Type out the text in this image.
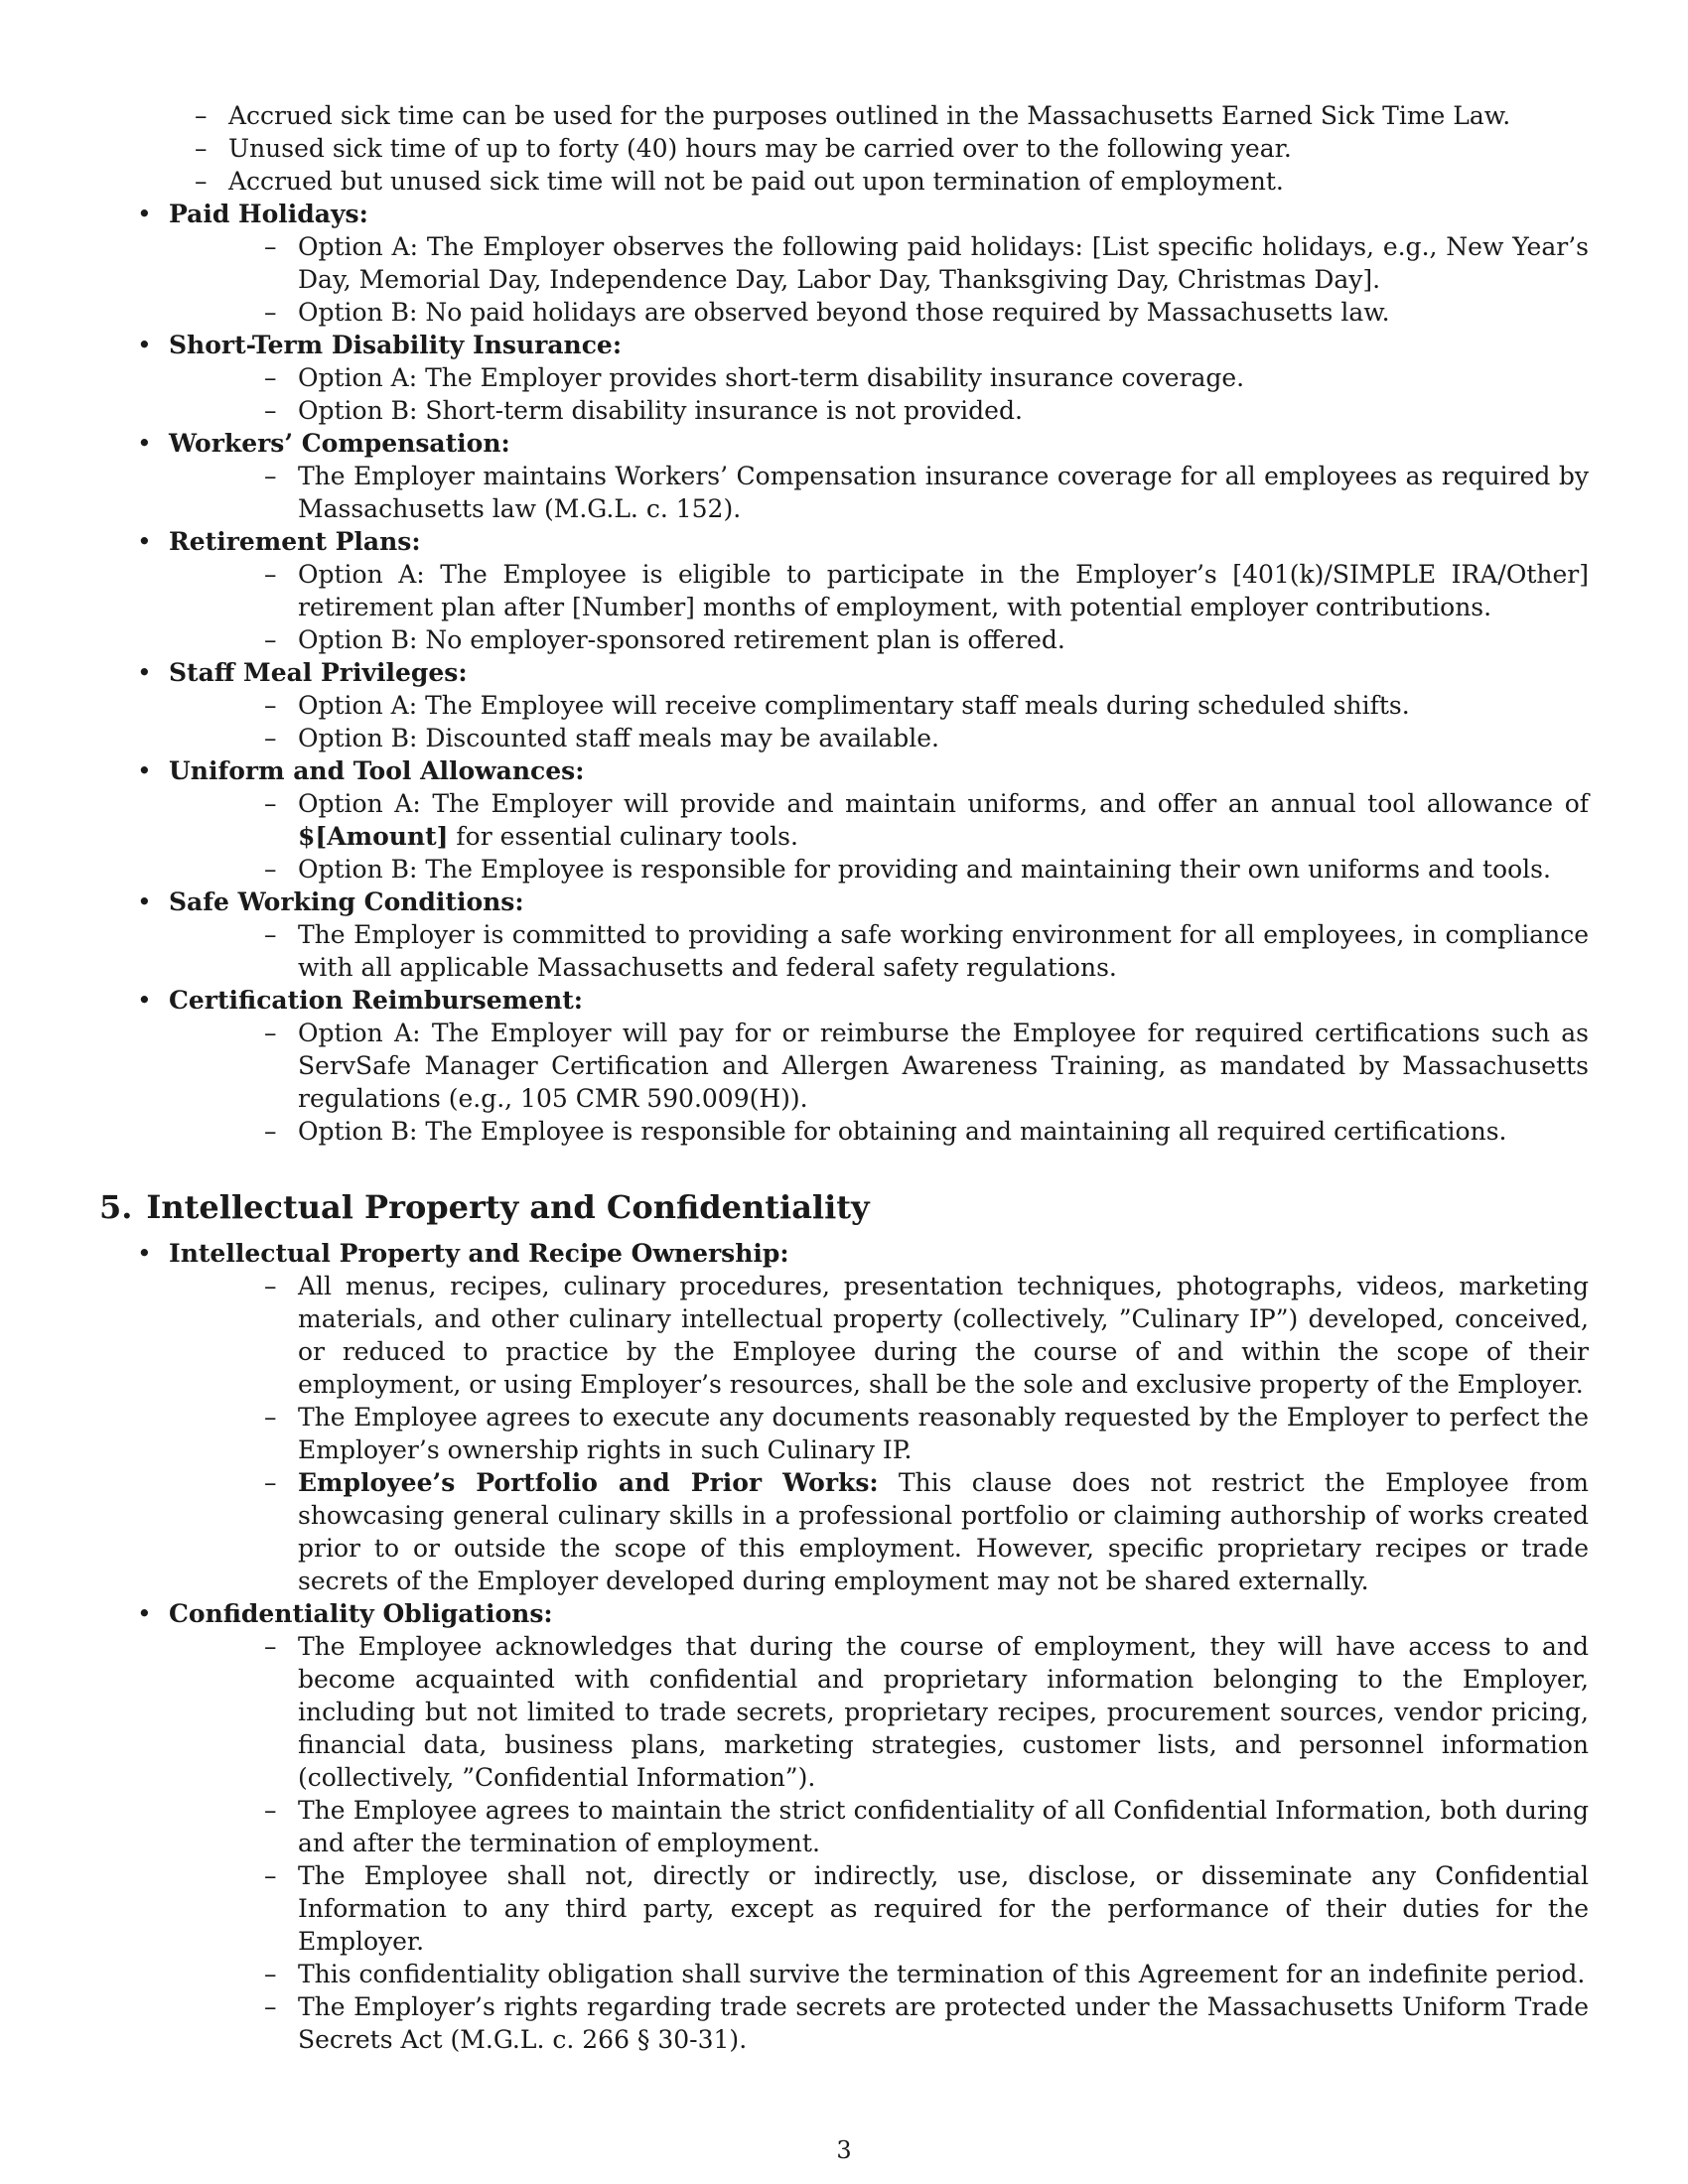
– Accrued sick time can be used for the purposes outlined in the Massachusetts Earned Sick Time Law.
– Unused sick time of up to forty (40) hours may be carried over to the following year.
– Accrued but unused sick time will not be paid out upon termination of employment.
• Paid Holidays:
– Option A: The Employer observes the following paid holidays: [List specific holidays, e.g., New Year’s Day, Memorial Day, Independence Day, Labor Day, Thanksgiving Day, Christmas Day].
– Option B: No paid holidays are observed beyond those required by Massachusetts law.
• Short-Term Disability Insurance:
– Option A: The Employer provides short-term disability insurance coverage.
– Option B: Short-term disability insurance is not provided.
• Workers’ Compensation:
– The Employer maintains Workers’ Compensation insurance coverage for all employees as required by Massachusetts law (M.G.L. c. 152).
• Retirement Plans:
– Option A: The Employee is eligible to participate in the Employer’s [401(k)/SIMPLE IRA/Other] retirement plan after [Number] months of employment, with potential employer contributions.
– Option B: No employer-sponsored retirement plan is offered.
• Staff Meal Privileges:
– Option A: The Employee will receive complimentary staff meals during scheduled shifts.
– Option B: Discounted staff meals may be available.
• Uniform and Tool Allowances:
– Option A: The Employer will provide and maintain uniforms, and offer an annual tool allowance of $[Amount] for essential culinary tools.
– Option B: The Employee is responsible for providing and maintaining their own uniforms and tools.
• Safe Working Conditions:
– The Employer is committed to providing a safe working environment for all employees, in compliance with all applicable Massachusetts and federal safety regulations.
• Certification Reimbursement:
– Option A: The Employer will pay for or reimburse the Employee for required certifications such as ServSafe Manager Certification and Allergen Awareness Training, as mandated by Massachusetts regulations (e.g., 105 CMR 590.009(H)).
– Option B: The Employee is responsible for obtaining and maintaining all required certifications.
5. Intellectual Property and Confidentiality
• Intellectual Property and Recipe Ownership:
– All menus, recipes, culinary procedures, presentation techniques, photographs, videos, marketing materials, and other culinary intellectual property (collectively, ”Culinary IP”) developed, conceived, or reduced to practice by the Employee during the course of and within the scope of their employment, or using Employer’s resources, shall be the sole and exclusive property of the Employer.
– The Employee agrees to execute any documents reasonably requested by the Employer to perfect the Employer’s ownership rights in such Culinary IP.
– Employee’s Portfolio and Prior Works: This clause does not restrict the Employee from showcasing general culinary skills in a professional portfolio or claiming authorship of works created prior to or outside the scope of this employment. However, specific proprietary recipes or trade secrets of the Employer developed during employment may not be shared externally.
• Confidentiality Obligations:
– The Employee acknowledges that during the course of employment, they will have access to and become acquainted with confidential and proprietary information belonging to the Employer, including but not limited to trade secrets, proprietary recipes, procurement sources, vendor pricing, financial data, business plans, marketing strategies, customer lists, and personnel information (collectively, ”Confidential Information”).
– The Employee agrees to maintain the strict confidentiality of all Confidential Information, both during and after the termination of employment.
– The Employee shall not, directly or indirectly, use, disclose, or disseminate any Confidential Information to any third party, except as required for the performance of their duties for the Employer.
– This confidentiality obligation shall survive the termination of this Agreement for an indefinite period.
– The Employer’s rights regarding trade secrets are protected under the Massachusetts Uniform Trade Secrets Act (M.G.L. c. 266 § 30-31).
3
